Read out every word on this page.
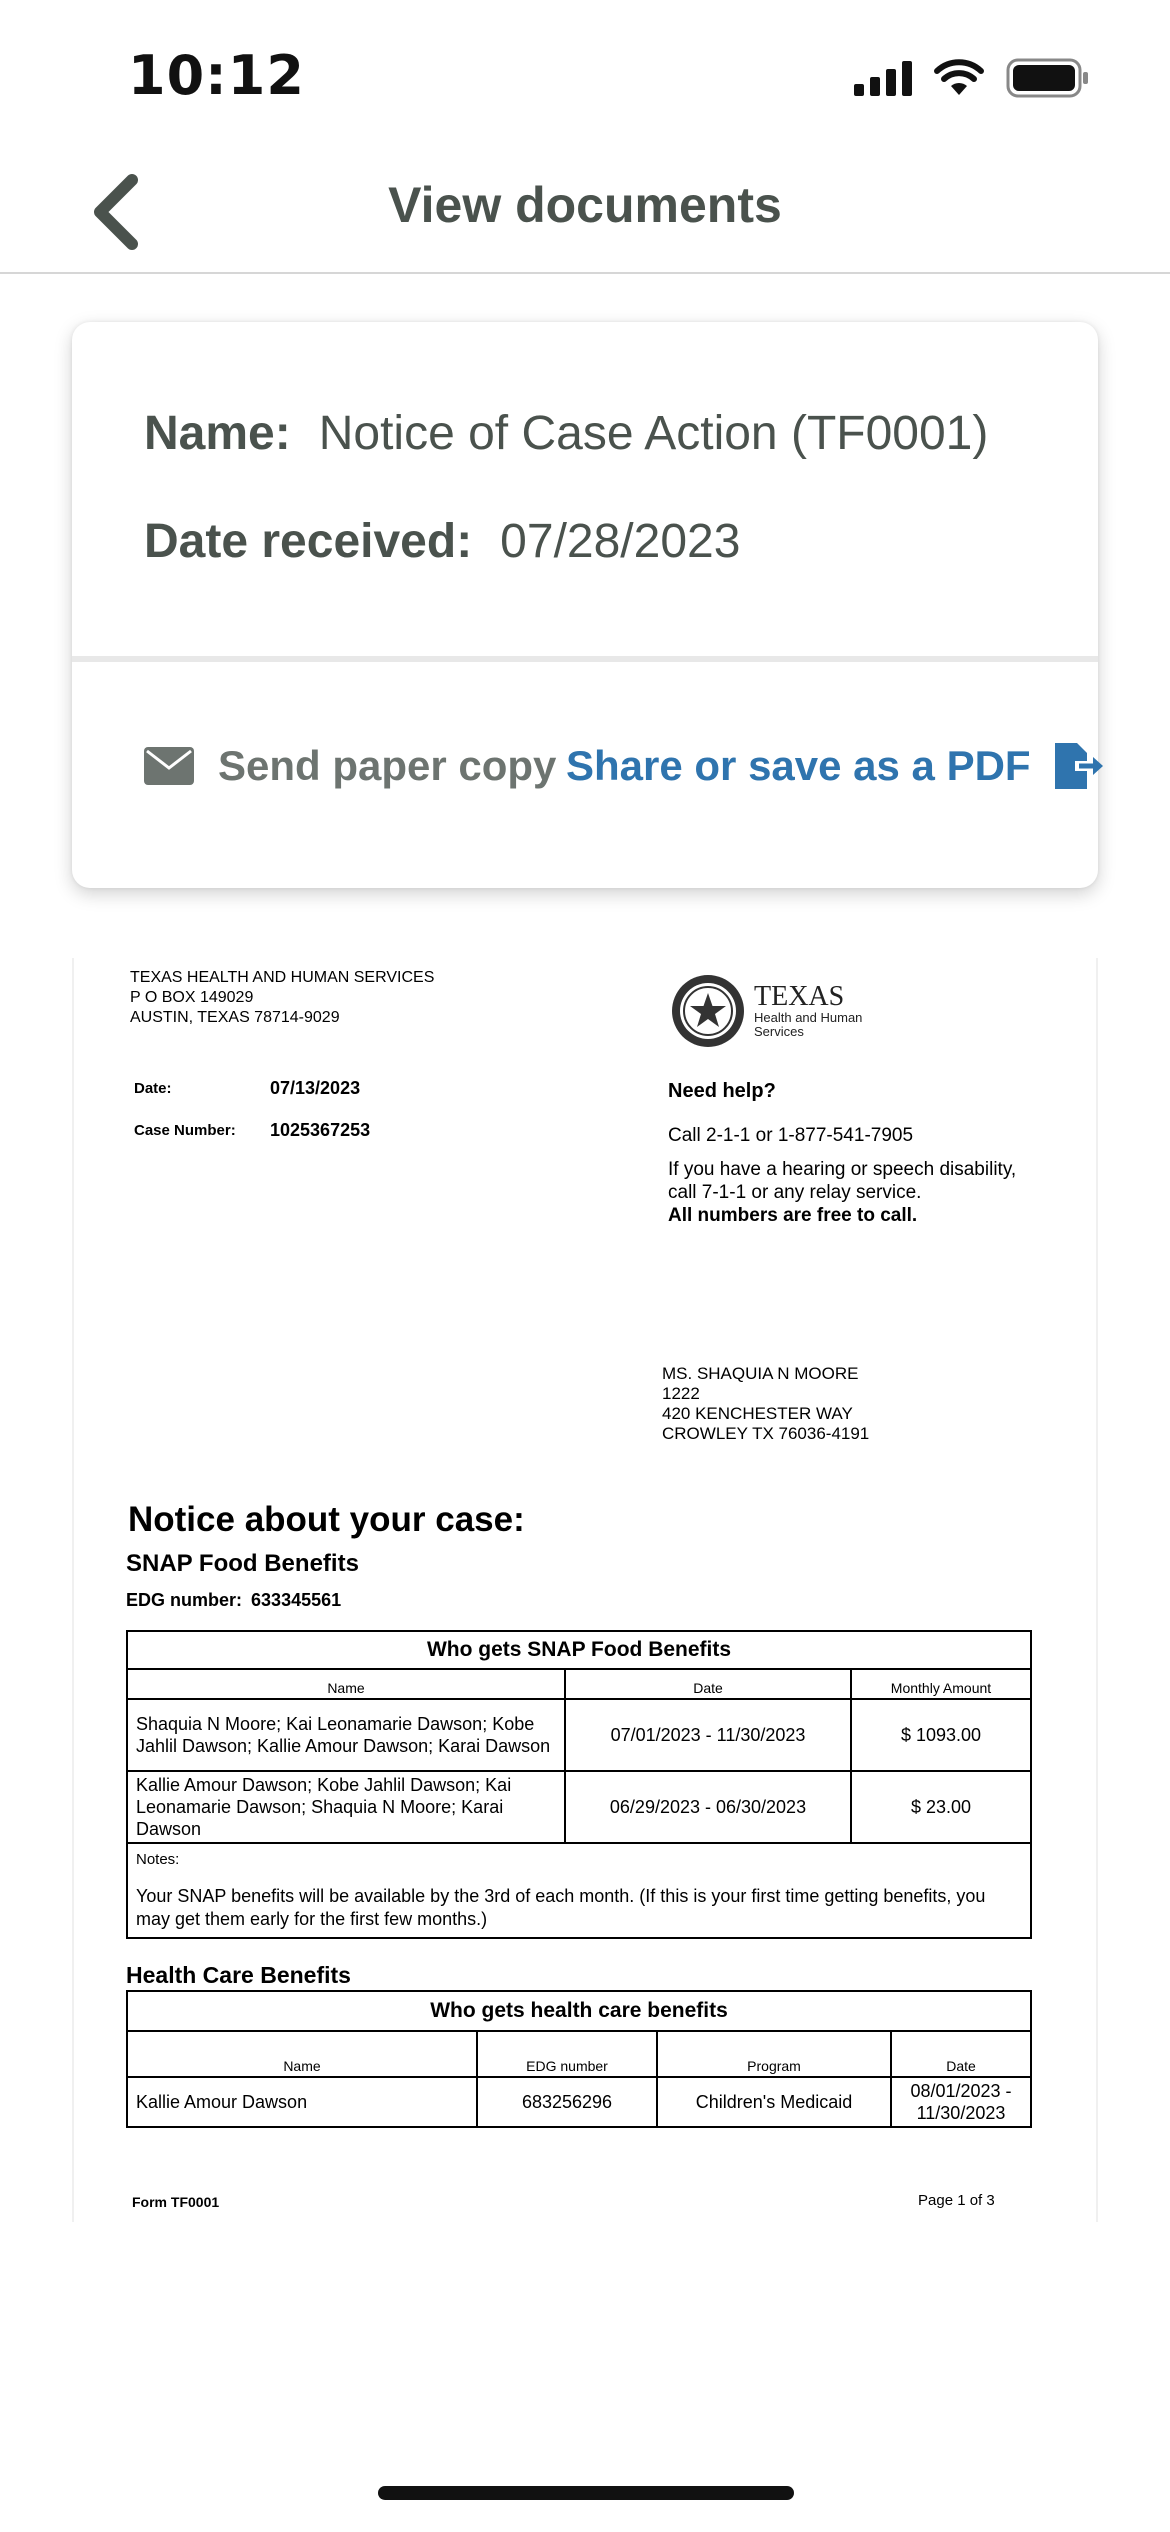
10:12
View documents
Name: Notice of Case Action (TF0001)
Date received: 07/28/2023
Send paper copy Share or save as a PDF
TEXAS HEALTH AND HUMAN SERVICES
P O BOX 149029
AUSTIN, TEXAS 78714-9029
TEXAS
Health and Human
Services
Date:	07/13/2023
Case Number: 1025367253
Need help?
Call 2-1-1 or 1-877-541-7905
If you have a hearing or speech disability,
call 7-1-1 or any relay service.
All numbers are free to call.
MS. SHAQUIA N MOORE
1222
420 KENCHESTER WAY
CROWLEY TX 76036-4191
Notice about your case:
SNAP Food Benefits
EDG number: 633345561
Who gets SNAP Food Benefits		
Name	Date	Monthly Amount
Shaquia N Moore; Kai Leonamarie Dawson; Kobe Jahlil Dawson; Kallie Amour Dawson; Karai Dawson	07/01/2023 - 11/30/2023	$ 1093.00
Kallie Amour Dawson; Kobe Jahlil Dawson; Kai Leonamarie Dawson; Shaquia N Moore; Karai Dawson	06/29/2023 - 06/30/2023	$ 23.00

Notes:
Your SNAP benefits will be available by the 3rd of each month. (If this is your first time getting benefits, you may get them early for the first few months.)		
Health Care Benefits
Who gets health care benefits			
Name	EDG number	Program	Date
Kallie Amour Dawson	683256296	Children's Medicaid	08/01/2023 - 11/30/2023
Form TF0001	Page 1 of 3
